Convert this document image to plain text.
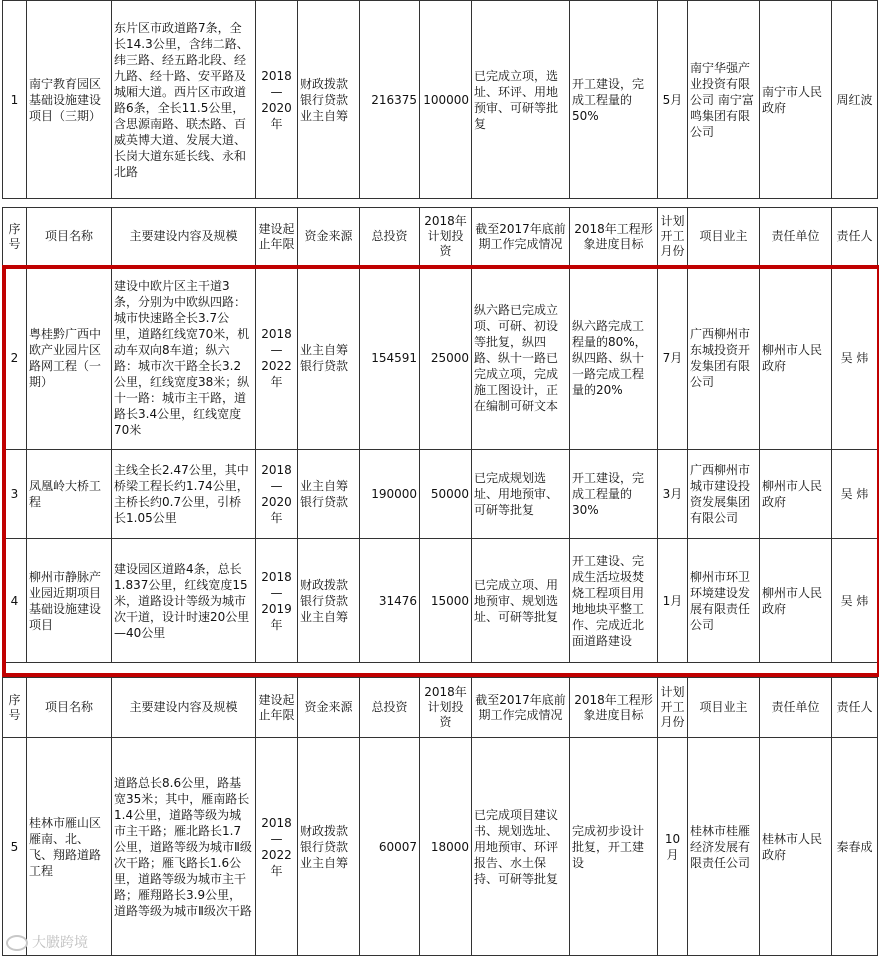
1	南宁教育园区基础设施建设项目（三期）	东片区市政道路7条，全长14.3公里，含纬二路、纬三路、经五路北段、经九路、经十路、安平路及城厢大道。西片区市政道路6条，全长11.5公里，含思源南路、联杰路、百威英博大道、发展大道、长岗大道东延长线、永和北路	2018—2020年	财政拨款银行贷款业主自筹	216375	100000	已完成立项，选址、环评、用地预审、可研等批复	开工建设，完成工程量的50%	5月	南宁华强产业投资有限公司 南宁富鸣集团有限公司	南宁市人民政府	周红波
序号	项目名称	主要建设内容及规模	建设起止年限	资金来源	总投资	2018年计划投资	截至2017年底前期工作完成情况	2018年工程形象进度目标	计划开工月份	项目业主	责任单位	责任人
2	粤桂黔广西中欧产业园片区路网工程（一期）	建设中欧片区主干道3条，分别为中欧纵四路：城市快速路全长3.7公里，道路红线宽70米，机动车双向8车道；纵六路：城市次干路全长3.2公里，红线宽度38米；纵十一路：城市主干路，道路长3.4公里，红线宽度70米	2018—2022年	业主自筹银行贷款	154591	25000	纵六路已完成立项、可研、初设等批复，纵四路、纵十一路已完成立项，完成施工图设计，正在编制可研文本	纵六路完成工程量的80%，纵四路、纵十一路完成工程量的20%	7月	广西柳州市东城投资开发集团有限公司	柳州市人民政府	吴 炜
3	凤凰岭大桥工程	主线全长2.47公里，其中桥梁工程长约1.74公里，主桥长约0.7公里，引桥长1.05公里	2018—2020年	业主自筹银行贷款	190000	50000	已完成规划选址、用地预审、可研等批复	开工建设，完成工程量的30%	3月	广西柳州市城市建设投资发展集团有限公司	柳州市人民政府	吴 炜
4	柳州市静脉产业园近期项目基础设施建设项目	建设园区道路4条，总长1.837公里，红线宽度15米，道路设计等级为城市次干道，设计时速20公里—40公里	2018—2019年	财政拨款银行贷款业主自筹	31476	15000	已完成立项、用地预审、规划选址、可研等批复	开工建设、完成生活垃圾焚烧工程项目用地地块平整工作、完成近北面道路建设	1月	柳州市环卫环境建设发展有限责任公司	柳州市人民政府	吴 炜
序号	项目名称	主要建设内容及规模	建设起止年限	资金来源	总投资	2018年计划投资	截至2017年底前期工作完成情况	2018年工程形象进度目标	计划开工月份	项目业主	责任单位	责任人
5	桂林市雁山区雁南、北、飞、翔路道路工程	道路总长8.6公里，路基宽35米；其中，雁南路长1.4公里，道路等级为城市主干路；雁北路长1.7公里，道路等级为城市Ⅱ级次干路；雁飞路长1.6公里，道路等级为城市主干路；雁翔路长3.9公里，道路等级为城市Ⅱ级次干路	2018—2022年	财政拨款银行贷款业主自筹	60007	18000	已完成项目建议书、规划选址、用地预审、环评报告、水土保持、可研等批复	完成初步设计批复，开工建设	10月	桂林市桂雁经济发展有限责任公司	桂林市人民政府	秦春成
大臌跨境
